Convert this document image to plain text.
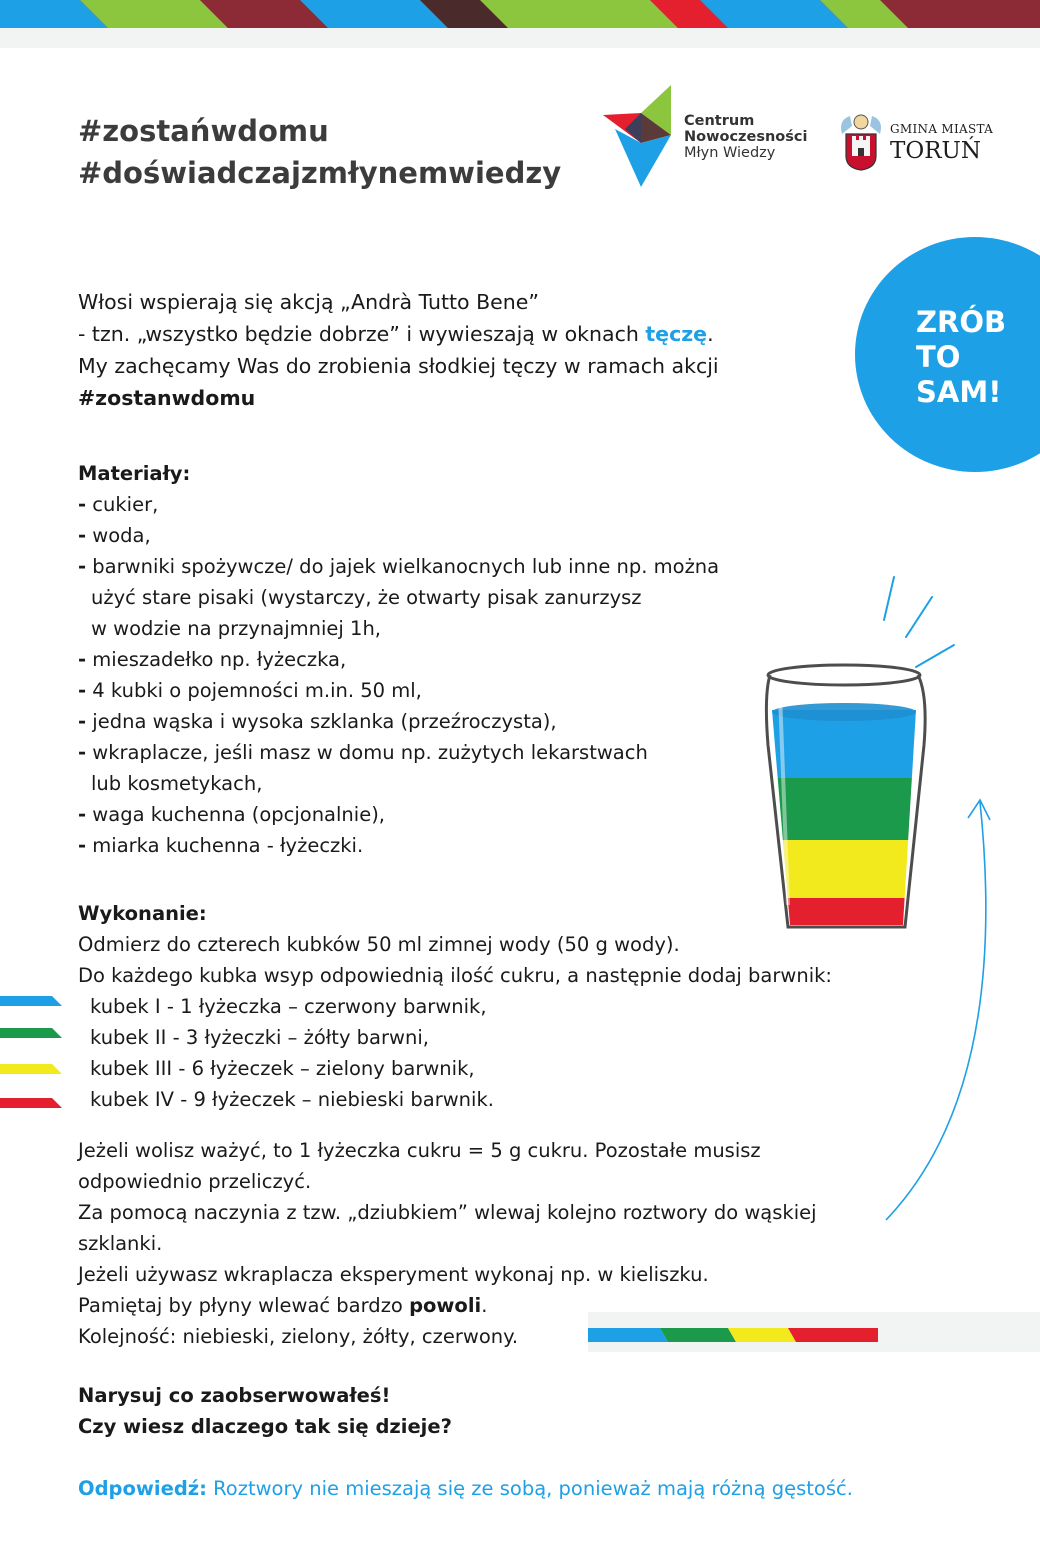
#zostańwdomu
#doświadczajzmłynemwiedzy
Centrum
Nowoczesności
Młyn Wiedzy
GMINA MIASTA
TORUŃ
ZRÓB
TO
SAM!
Włosi wspierają się akcją „Andrà Tutto Bene”
- tzn. „wszystko będzie dobrze” i wywieszają w oknach tęczę.
My zachęcamy Was do zrobienia słodkiej tęczy w ramach akcji
#zostanwdomu
Materiały:
- cukier,
- woda,
- barwniki spożywcze/ do jajek wielkanocnych lub inne np. można
użyć stare pisaki (wystarczy, że otwarty pisak zanurzysz
w wodzie na przynajmniej 1h,
- mieszadełko np. łyżeczka,
- 4 kubki o pojemności m.in. 50 ml,
- jedna wąska i wysoka szklanka (przeźroczysta),
- wkraplacze, jeśli masz w domu np. zużytych lekarstwach
lub kosmetykach,
- waga kuchenna (opcjonalnie),
- miarka kuchenna - łyżeczki.
Wykonanie:
Odmierz do czterech kubków 50 ml zimnej wody (50 g wody).
Do każdego kubka wsyp odpowiednią ilość cukru, a następnie dodaj barwnik:
kubek I - 1 łyżeczka – czerwony barwnik,
kubek II - 3 łyżeczki – żółty barwni,
kubek III - 6 łyżeczek – zielony barwnik,
kubek IV - 9 łyżeczek – niebieski barwnik.
Jeżeli wolisz ważyć, to 1 łyżeczka cukru = 5 g cukru. Pozostałe musisz
odpowiednio przeliczyć.
Za pomocą naczynia z tzw. „dziubkiem” wlewaj kolejno roztwory do wąskiej
szklanki.
Jeżeli używasz wkraplacza eksperyment wykonaj np. w kieliszku.
Pamiętaj by płyny wlewać bardzo powoli.
Kolejność: niebieski, zielony, żółty, czerwony.
Narysuj co zaobserwowałeś!
Czy wiesz dlaczego tak się dzieje?
Odpowiedź: Roztwory nie mieszają się ze sobą, ponieważ mają różną gęstość.
